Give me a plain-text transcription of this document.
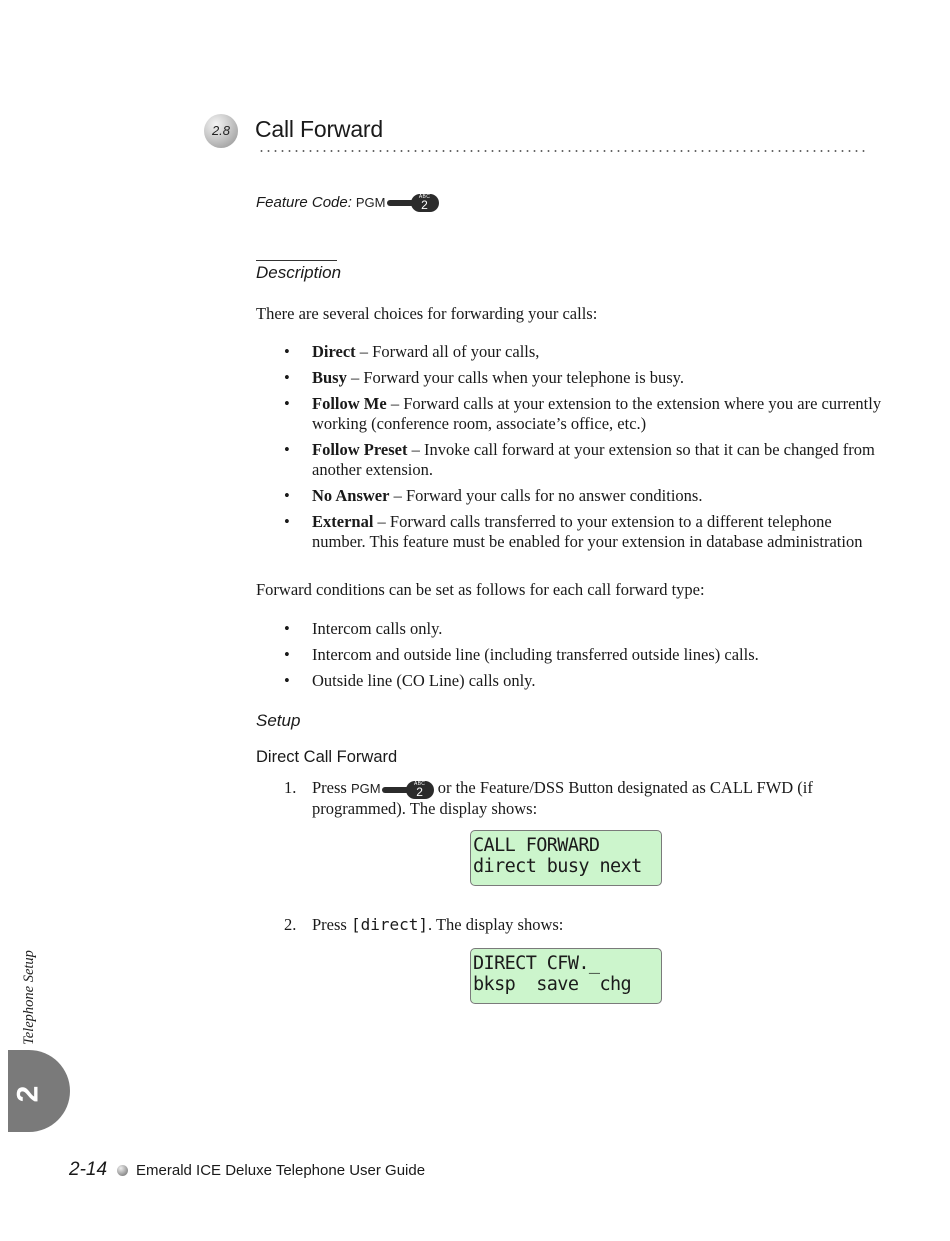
2.8	Call Forward
Feature Code: PGM	ABC
2
Description
There are several choices for forwarding your calls:
• Direct – Forward all of your calls,
• Busy – Forward your calls when your telephone is busy.
• Follow Me – Forward calls at your extension to the extension where you are currently working (conference room, associate’s office, etc.)
• Follow Preset – Invoke call forward at your extension so that it can be changed from another extension.
• No Answer – Forward your calls for no answer conditions.
• External – Forward calls transferred to your extension to a different telephone number. This feature must be enabled for your extension in database administration
Forward conditions can be set as follows for each call forward type:
• Intercom calls only.
• Intercom and outside line (including transferred outside lines) calls.
• Outside line (CO Line) calls only.
Setup
Direct Call Forward
1. Press PGM	ABC
2 or the Feature/DSS Button designated as CALL FWD (if programmed). The display shows:
CALL FORWARD
direct busy next
2. Press [direct]. The display shows:
DIRECT CFW._
bksp  save  chg
Telephone Setup
2
2-14 Emerald ICE Deluxe Telephone User Guide
